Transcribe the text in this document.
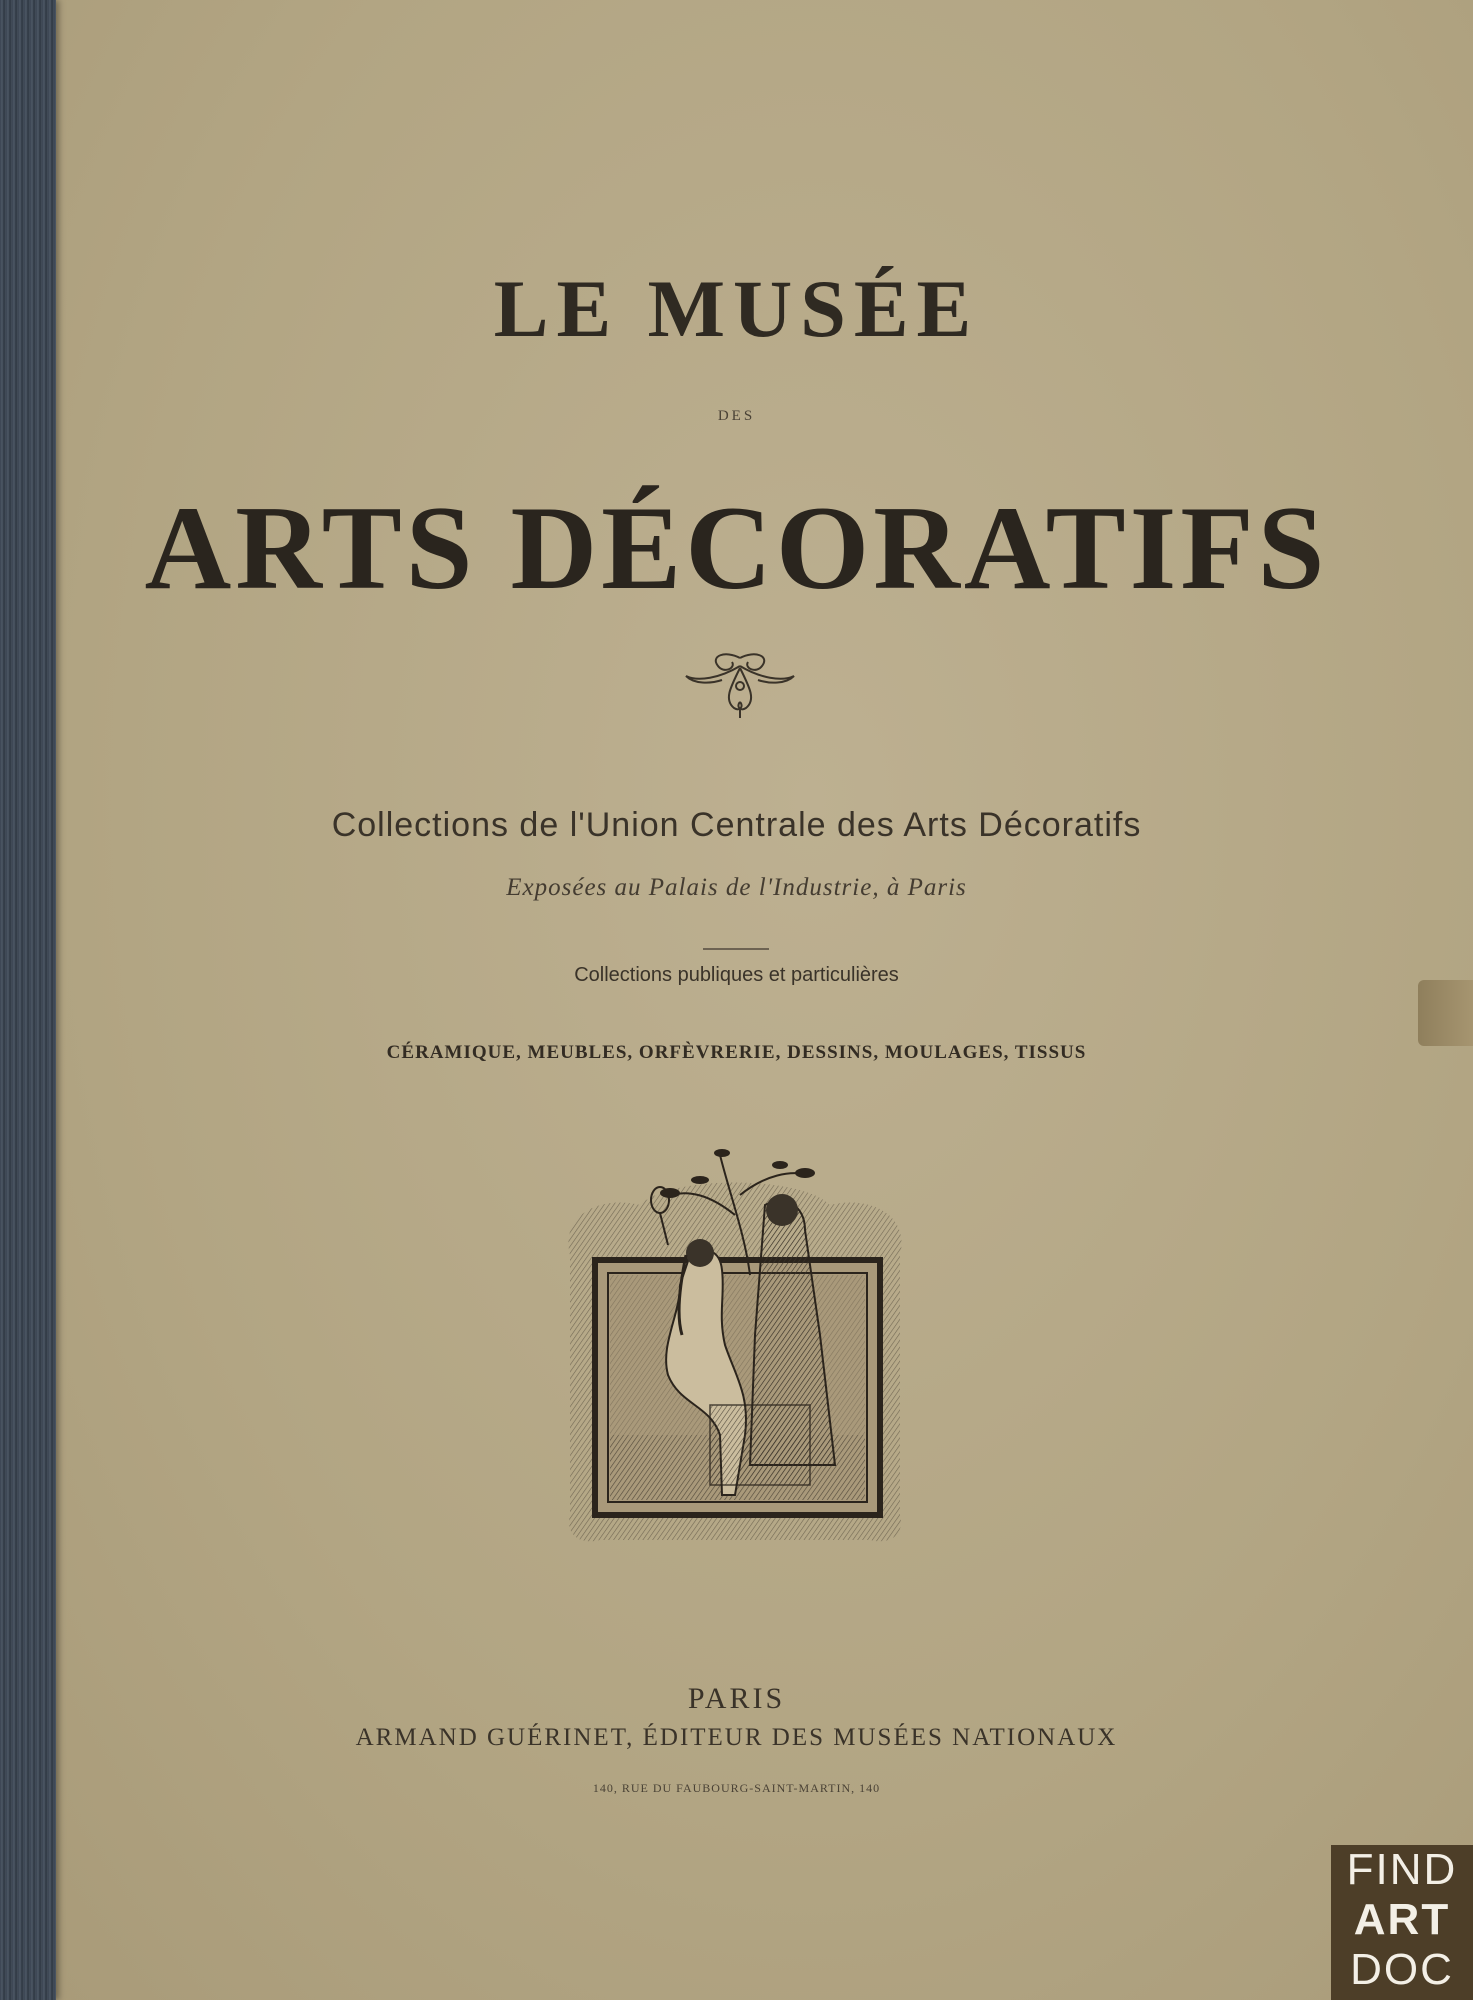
LE MUSÉE
DES
ARTS DÉCORATIFS
Collections de l'Union Centrale des Arts Décoratifs
Exposées au Palais de l'Industrie, à Paris
Collections publiques et particulières
CÉRAMIQUE, MEUBLES, ORFÈVRERIE, DESSINS, MOULAGES, TISSUS
PARIS
ARMAND GUÉRINET, ÉDITEUR DES MUSÉES NATIONAUX
140, RUE DU FAUBOURG-SAINT-MARTIN, 140
FIND
ART
DOC
